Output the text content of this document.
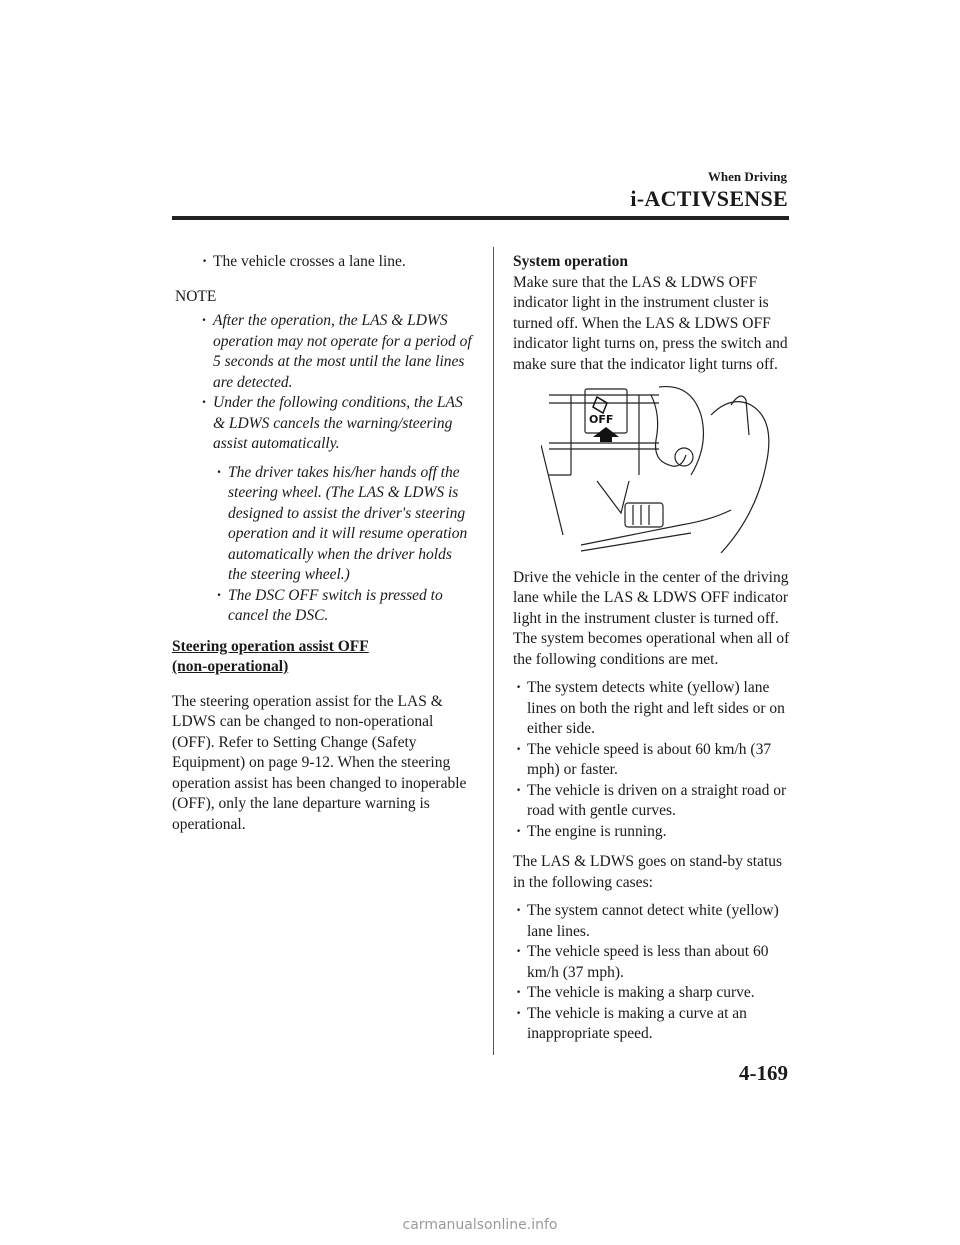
When Driving
i-ACTIVSENSE

· The vehicle crosses a lane line.

NOTE

· After the operation, the LAS & LDWS operation may not operate for a period of 5 seconds at the most until the lane lines are detected.

· Under the following conditions, the LAS & LDWS cancels the warning/steering assist automatically.

· The driver takes his/her hands off the steering wheel. (The LAS & LDWS is designed to assist the driver's steering operation and it will resume operation automatically when the driver holds the steering wheel.)

· The DSC OFF switch is pressed to cancel the DSC.

Steering operation assist OFF (non-operational)

The steering operation assist for the LAS & LDWS can be changed to non-operational (OFF). Refer to Setting Change (Safety Equipment) on page 9-12. When the steering operation assist has been changed to inoperable (OFF), only the lane departure warning is operational.

System operation

Make sure that the LAS & LDWS OFF indicator light in the instrument cluster is turned off. When the LAS & LDWS OFF indicator light turns on, press the switch and make sure that the indicator light turns off.

OFF

Drive the vehicle in the center of the driving lane while the LAS & LDWS OFF indicator light in the instrument cluster is turned off. The system becomes operational when all of the following conditions are met.

· The system detects white (yellow) lane lines on both the right and left sides or on either side.

· The vehicle speed is about 60 km/h (37 mph) or faster.

· The vehicle is driven on a straight road or road with gentle curves.

· The engine is running.

The LAS & LDWS goes on stand-by status in the following cases:

· The system cannot detect white (yellow) lane lines.

· The vehicle speed is less than about 60 km/h (37 mph).

· The vehicle is making a sharp curve.

· The vehicle is making a curve at an inappropriate speed.

4-169
carmanualsonline.info
